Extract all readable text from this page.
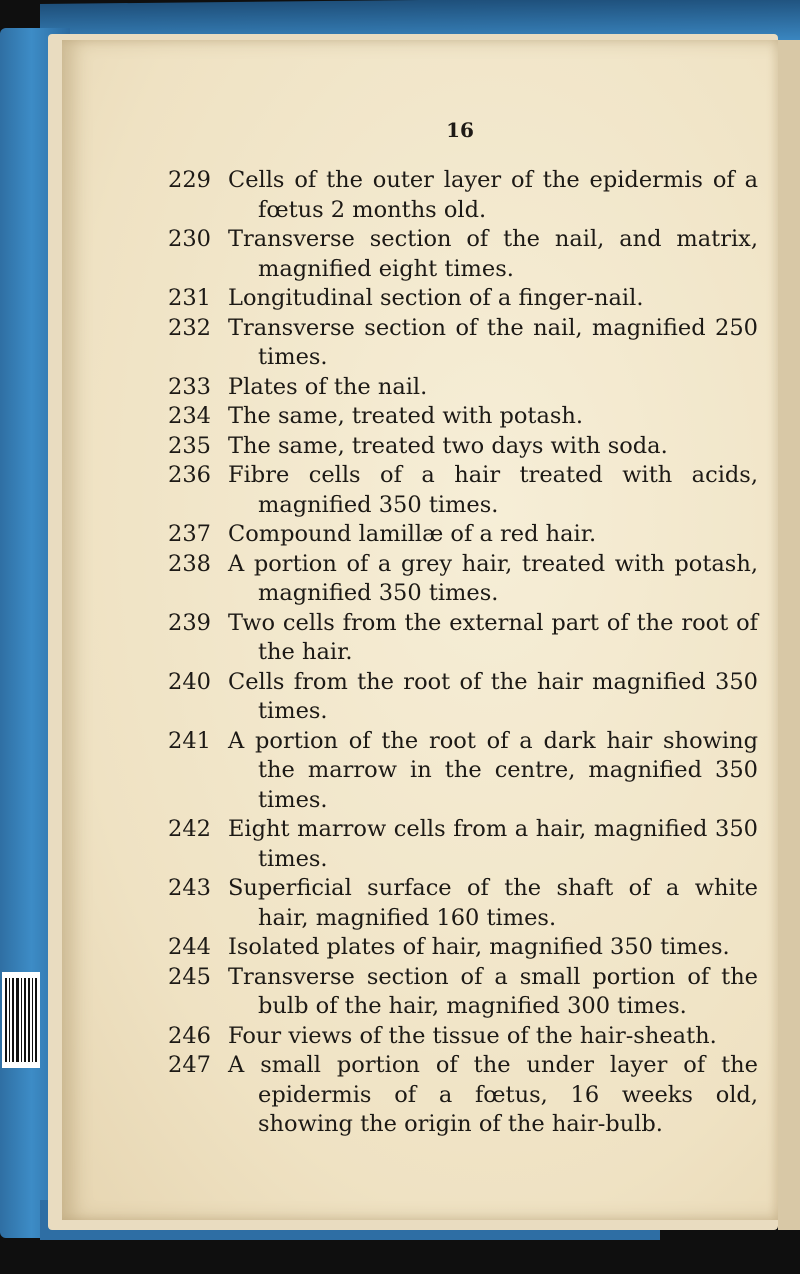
16
229 Cells of the outer layer of the epidermis of a fœtus 2 months old.
230 Transverse section of the nail, and matrix, magnified eight times.
231 Longitudinal section of a finger-nail.
232 Transverse section of the nail, magnified 250 times.
233 Plates of the nail.
234 The same, treated with potash.
235 The same, treated two days with soda.
236 Fibre cells of a hair treated with acids, magnified 350 times.
237 Compound lamillæ of a red hair.
238 A portion of a grey hair, treated with potash, magnified 350 times.
239 Two cells from the external part of the root of the hair.
240 Cells from the root of the hair magnified 350 times.
241 A portion of the root of a dark hair showing the marrow in the centre, magnified 350 times.
242 Eight marrow cells from a hair, magnified 350 times.
243 Superficial surface of the shaft of a white hair, magnified 160 times.
244 Isolated plates of hair, magnified 350 times.
245 Transverse section of a small portion of the bulb of the hair, magnified 300 times.
246 Four views of the tissue of the hair-sheath.
247 A small portion of the under layer of the epidermis of a fœtus, 16 weeks old, showing the origin of the hair-bulb.
